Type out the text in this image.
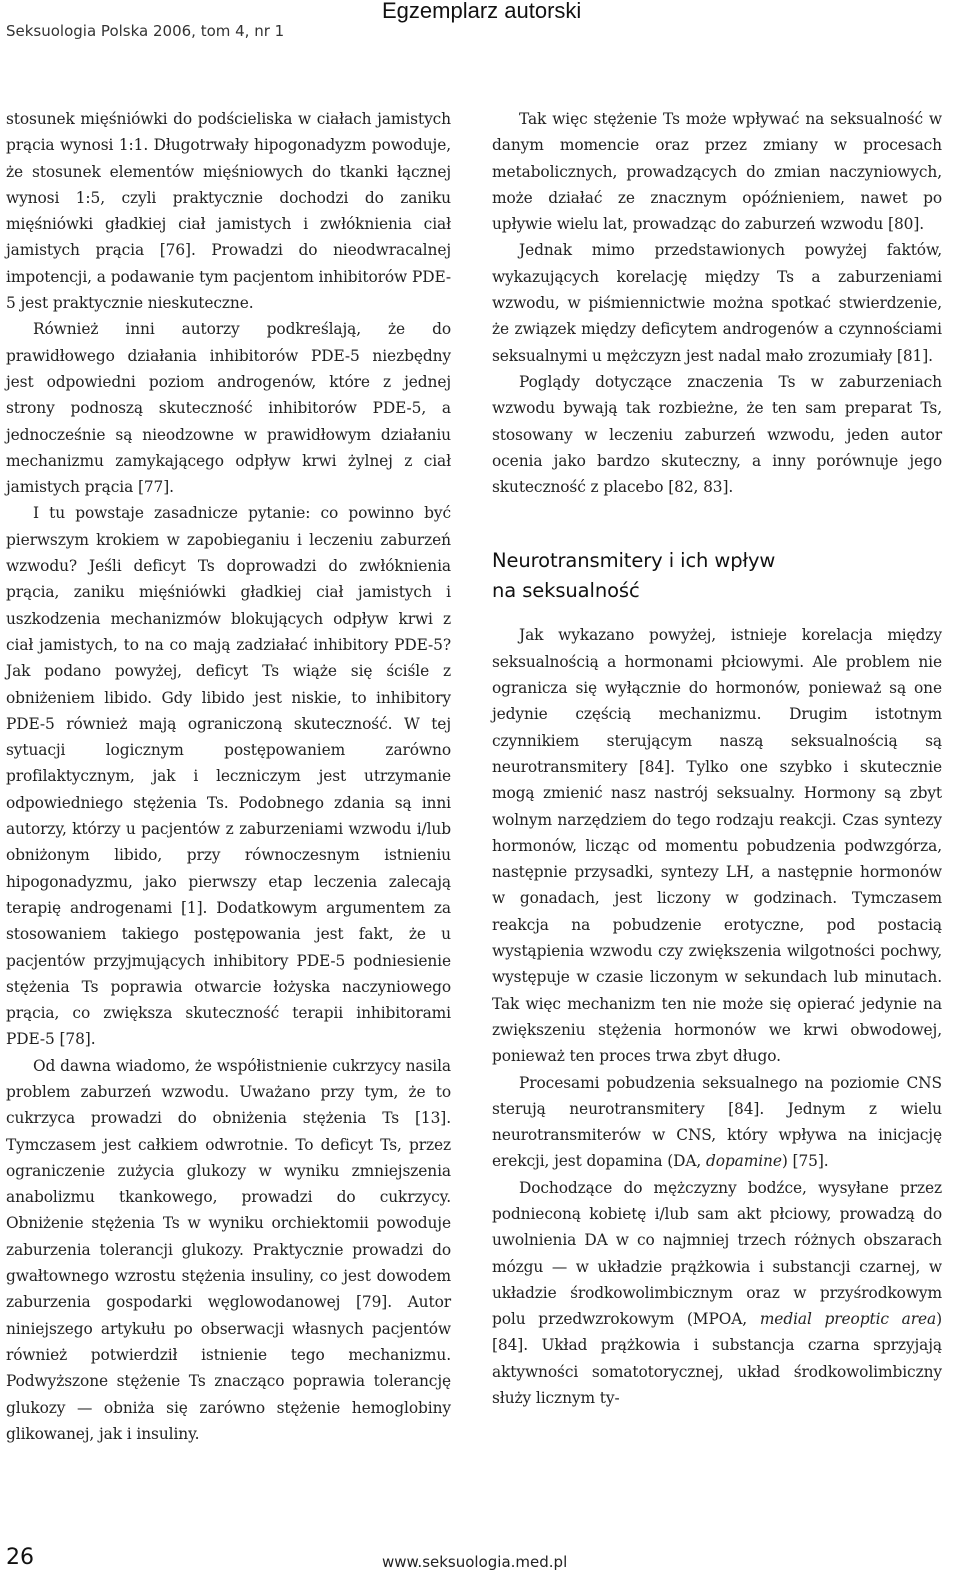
Seksuologia Polska 2006, tom 4, nr 1
Egzemplarz autorski

stosunek mięśniówki do podścieliska w ciałach jamistych prącia wynosi 1:1. Długotrwały hipogonadyzm powoduje, że stosunek elementów mięśniowych do tkanki łącznej wynosi 1:5, czyli praktycznie dochodzi do zaniku mięśniówki gładkiej ciał jamistych i zwłóknienia ciał jamistych prącia [76]. Prowadzi do nieodwracalnej impotencji, a podawanie tym pacjentom inhibitorów PDE-5 jest praktycznie nieskuteczne.

Również inni autorzy podkreślają, że do prawidłowego działania inhibitorów PDE-5 niezbędny jest odpowiedni poziom androgenów, które z jednej strony podnoszą skuteczność inhibitorów PDE-5, a jednocześnie są nieodzowne w prawidłowym działaniu mechanizmu zamykającego odpływ krwi żylnej z ciał jamistych prącia [77].

I tu powstaje zasadnicze pytanie: co powinno być pierwszym krokiem w zapobieganiu i leczeniu zaburzeń wzwodu? Jeśli deficyt Ts doprowadzi do zwłóknienia prącia, zaniku mięśniówki gładkiej ciał jamistych i uszkodzenia mechanizmów blokujących odpływ krwi z ciał jamistych, to na co mają zadziałać inhibitory PDE-5? Jak podano powyżej, deficyt Ts wiąże się ściśle z obniżeniem libido. Gdy libido jest niskie, to inhibitory PDE-5 również mają ograniczoną skuteczność. W tej sytuacji logicznym postępowaniem zarówno profilaktycznym, jak i leczniczym jest utrzymanie odpowiedniego stężenia Ts. Podobnego zdania są inni autorzy, którzy u pacjentów z zaburzeniami wzwodu i/lub obniżonym libido, przy równoczesnym istnieniu hipogonadyzmu, jako pierwszy etap leczenia zalecają terapię androgenami [1]. Dodatkowym argumentem za stosowaniem takiego postępowania jest fakt, że u pacjentów przyjmujących inhibitory PDE-5 podniesienie stężenia Ts poprawia otwarcie łożyska naczyniowego prącia, co zwiększa skuteczność terapii inhibitorami PDE-5 [78].

Od dawna wiadomo, że współistnienie cukrzycy nasila problem zaburzeń wzwodu. Uważano przy tym, że to cukrzyca prowadzi do obniżenia stężenia Ts [13]. Tymczasem jest całkiem odwrotnie. To deficyt Ts, przez ograniczenie zużycia glukozy w wyniku zmniejszenia anabolizmu tkankowego, prowadzi do cukrzycy. Obniżenie stężenia Ts w wyniku orchiektomii powoduje zaburzenia tolerancji glukozy. Praktycznie prowadzi do gwałtownego wzrostu stężenia insuliny, co jest dowodem zaburzenia gospodarki węglowodanowej [79]. Autor niniejszego artykułu po obserwacji własnych pacjentów również potwierdził istnienie tego mechanizmu. Podwyższone stężenie Ts znacząco poprawia tolerancję glukozy — obniża się zarówno stężenie hemoglobiny glikowanej, jak i insuliny.

Tak więc stężenie Ts może wpływać na seksualność w danym momencie oraz przez zmiany w procesach metabolicznych, prowadzących do zmian naczyniowych, może działać ze znacznym opóźnieniem, nawet po upływie wielu lat, prowadząc do zaburzeń wzwodu [80].

Jednak mimo przedstawionych powyżej faktów, wykazujących korelację między Ts a zaburzeniami wzwodu, w piśmiennictwie można spotkać stwierdzenie, że związek między deficytem androgenów a czynnościami seksualnymi u mężczyzn jest nadal mało zrozumiały [81].

Poglądy dotyczące znaczenia Ts w zaburzeniach wzwodu bywają tak rozbieżne, że ten sam preparat Ts, stosowany w leczeniu zaburzeń wzwodu, jeden autor ocenia jako bardzo skuteczny, a inny porównuje jego skuteczność z placebo [82, 83].

Neurotransmitery i ich wpływ
na seksualność

Jak wykazano powyżej, istnieje korelacja między seksualnością a hormonami płciowymi. Ale problem nie ogranicza się wyłącznie do hormonów, ponieważ są one jedynie częścią mechanizmu. Drugim istotnym czynnikiem sterującym naszą seksualnością są neurotransmitery [84]. Tylko one szybko i skutecznie mogą zmienić nasz nastrój seksualny. Hormony są zbyt wolnym narzędziem do tego rodzaju reakcji. Czas syntezy hormonów, licząc od momentu pobudzenia podwzgórza, następnie przysadki, syntezy LH, a następnie hormonów w gonadach, jest liczony w godzinach. Tymczasem reakcja na pobudzenie erotyczne, pod postacią wystąpienia wzwodu czy zwiększenia wilgotności pochwy, występuje w czasie liczonym w sekundach lub minutach. Tak więc mechanizm ten nie może się opierać jedynie na zwiększeniu stężenia hormonów we krwi obwodowej, ponieważ ten proces trwa zbyt długo.

Procesami pobudzenia seksualnego na poziomie CNS sterują neurotransmitery [84]. Jednym z wielu neurotransmiterów w CNS, który wpływa na inicjację erekcji, jest dopamina (DA, dopamine) [75].

Dochodzące do mężczyzny bodźce, wysyłane przez podnieconą kobietę i/lub sam akt płciowy, prowadzą do uwolnienia DA w co najmniej trzech różnych obszarach mózgu — w układzie prążkowia i substancji czarnej, w układzie środkowolimbicznym oraz w przyśrodkowym polu przedwzrokowym (MPOA, medial preoptic area) [84]. Układ prążkowia i substancja czarna sprzyjają aktywności somatotorycznej, układ środkowolimbiczny służy licznym ty-

26	www.seksuologia.med.pl
